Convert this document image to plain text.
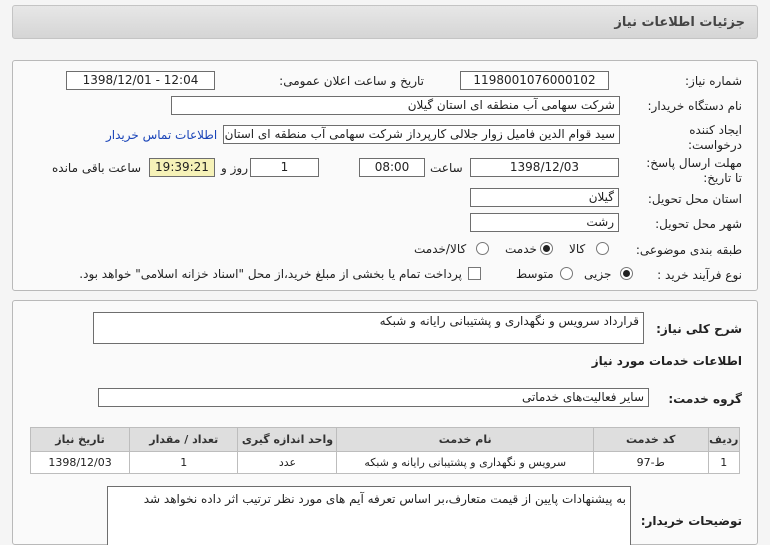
جزئیات اطلاعات نیاز
شماره نیاز:
1198001076000102
تاریخ و ساعت اعلان عمومی:
1398/12/01 - 12:04
نام دستگاه خریدار:
شرکت سهامی آب منطقه ای استان گیلان
ایجاد کننده
درخواست:
سید قوام الدین فامیل زوار جلالی کارپرداز شرکت سهامی آب منطقه ای استان
اطلاعات تماس خریدار
مهلت ارسال پاسخ:
تا تاریخ:
1398/12/03
ساعت
08:00
1
روز و
19:39:21
ساعت باقی مانده
استان محل تحویل:
گیلان
شهر محل تحویل:
رشت
طبقه بندی موضوعی:
کالا
خدمت
کالا/خدمت
نوع فرآیند خرید :
جزیی
متوسط
پرداخت تمام یا بخشی از مبلغ خرید،از محل "اسناد خزانه اسلامی" خواهد بود.
شرح کلی نیاز:
قرارداد سرویس و نگهداری و پشتیبانی رایانه و شبکه
اطلاعات خدمات مورد نیاز
گروه خدمت:
سایر فعالیت‌های خدماتی
ردیف	کد خدمت	نام خدمت	واحد اندازه گیری	تعداد / مقدار	تاریخ نیاز
1	ط-97	سرویس و نگهداری و پشتیبانی رایانه و شبکه	عدد	1	1398/12/03
توضیحات خریدار:
به پیشنهادات پایین از قیمت متعارف،بر اساس تعرفه آیم های مورد نظر ترتیب اثر داده نخواهد شد
